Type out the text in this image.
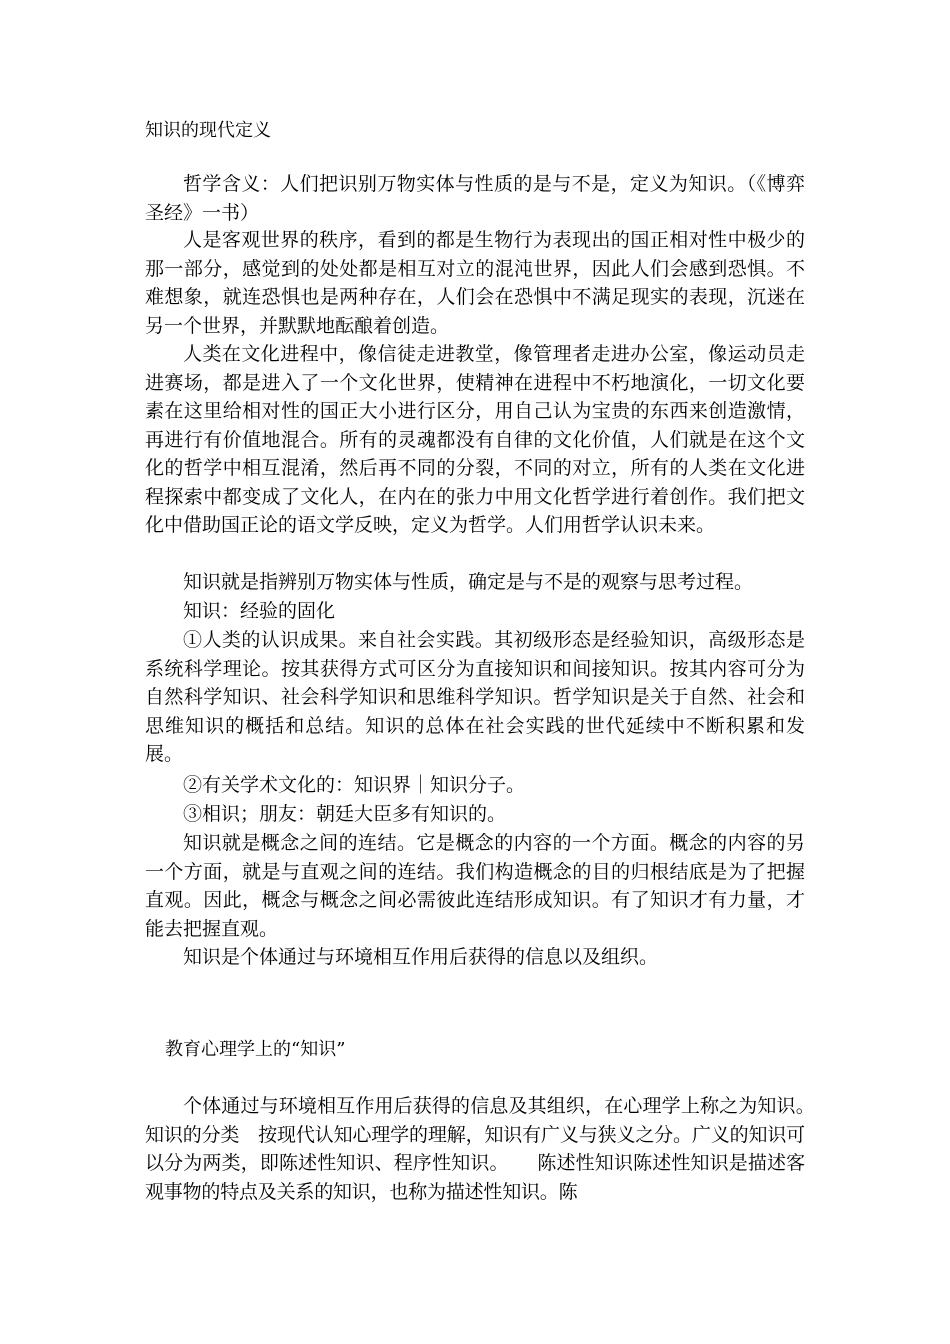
知识的现代定义
哲学含义：人们把识别万物实体与性质的是与不是，定义为知识。（《博弈圣经》一书）
人是客观世界的秩序，看到的都是生物行为表现出的国正相对性中极少的那一部分，感觉到的处处都是相互对立的混沌世界，因此人们会感到恐惧。不难想象，就连恐惧也是两种存在，人们会在恐惧中不满足现实的表现，沉迷在另一个世界，并默默地酝酿着创造。
人类在文化进程中，像信徒走进教堂，像管理者走进办公室，像运动员走进赛场，都是进入了一个文化世界，使精神在进程中不朽地演化，一切文化要素在这里给相对性的国正大小进行区分，用自己认为宝贵的东西来创造激情，再进行有价值地混合。所有的灵魂都没有自律的文化价值，人们就是在这个文化的哲学中相互混淆，然后再不同的分裂，不同的对立，所有的人类在文化进程探索中都变成了文化人，在内在的张力中用文化哲学进行着创作。我们把文化中借助国正论的语文学反映，定义为哲学。人们用哲学认识未来。
知识就是指辨别万物实体与性质，确定是与不是的观察与思考过程。
知识：经验的固化
①人类的认识成果。来自社会实践。其初级形态是经验知识，高级形态是系统科学理论。按其获得方式可区分为直接知识和间接知识。按其内容可分为自然科学知识、社会科学知识和思维科学知识。哲学知识是关于自然、社会和思维知识的概括和总结。知识的总体在社会实践的世代延续中不断积累和发展。
②有关学术文化的：知识界｜知识分子。
③相识；朋友：朝廷大臣多有知识的。
知识就是概念之间的连结。它是概念的内容的一个方面。概念的内容的另一个方面，就是与直观之间的连结。我们构造概念的目的归根结底是为了把握直观。因此，概念与概念之间必需彼此连结形成知识。有了知识才有力量，才能去把握直观。
知识是个体通过与环境相互作用后获得的信息以及组织。
教育心理学上的“知识”
个体通过与环境相互作用后获得的信息及其组织，在心理学上称之为知识。　知识的分类　按现代认知心理学的理解，知识有广义与狭义之分。广义的知识可以分为两类，即陈述性知识、程序性知识。　　陈述性知识陈述性知识是描述客观事物的特点及关系的知识，也称为描述性知识。陈
